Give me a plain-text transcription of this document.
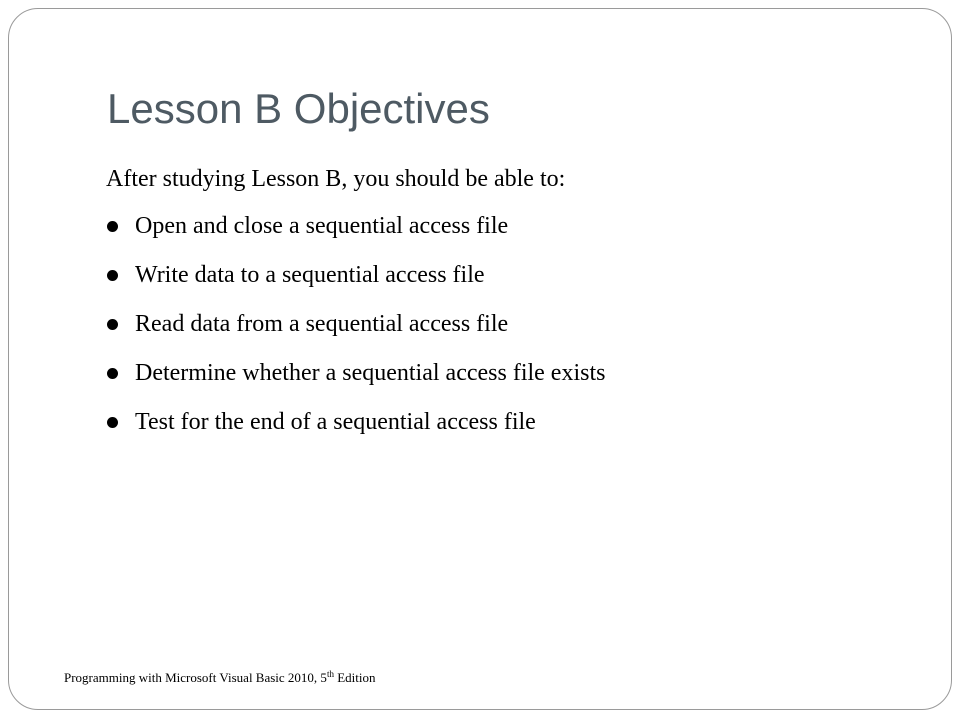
Lesson B Objectives
After studying Lesson B, you should be able to:
Open and close a sequential access file
Write data to a sequential access file
Read data from a sequential access file
Determine whether a sequential access file exists
Test for the end of a sequential access file
Programming with Microsoft Visual Basic 2010, 5th Edition
